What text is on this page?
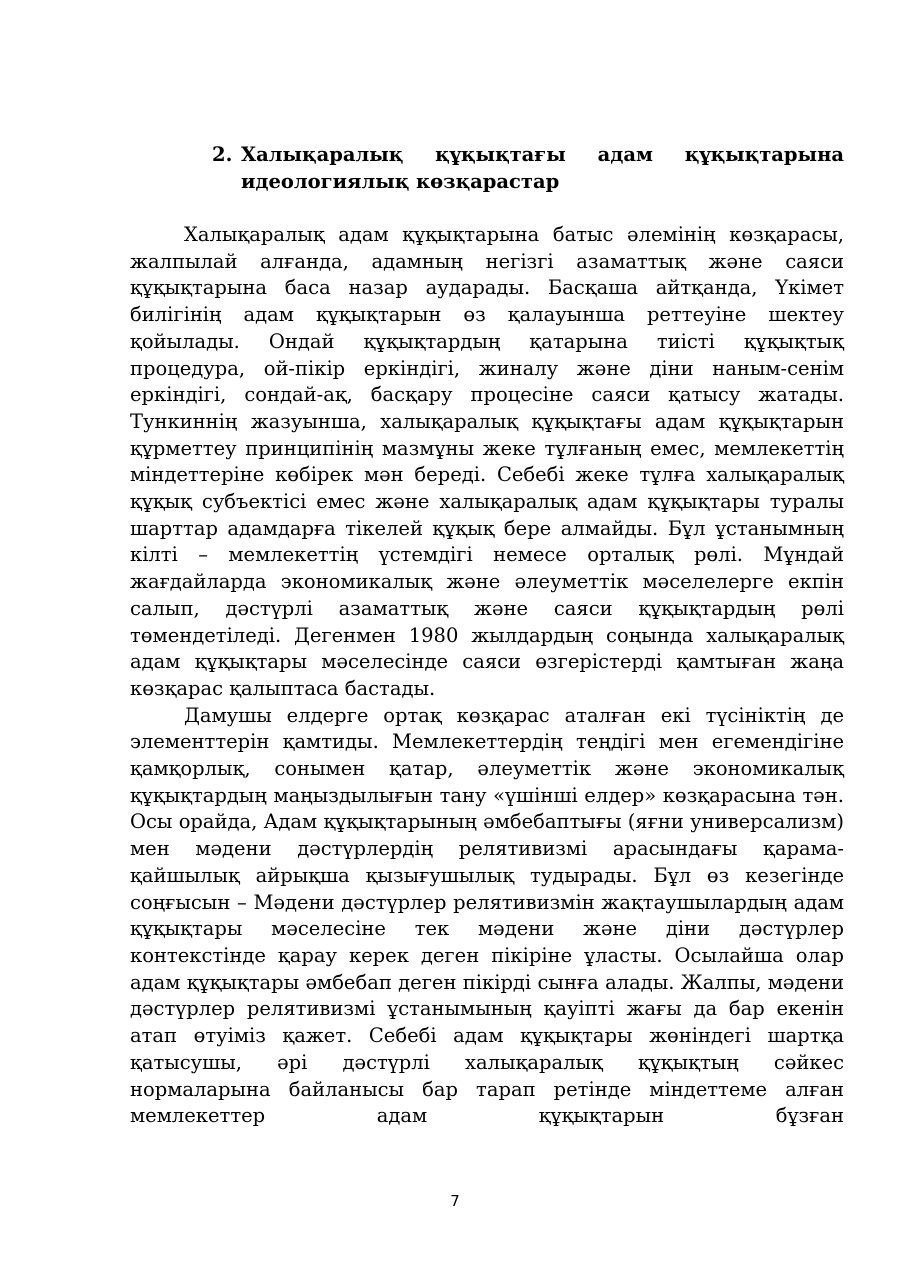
2. Халықаралық құқықтағы адам құқықтарына идеологиялық көзқарастар

Халықаралық адам құқықтарына батыс әлемінің көзқарасы, жалпылай алғанда, адамның негізгі азаматтық және саяси құқықтарына баса назар аударады. Басқаша айтқанда, Үкімет билігінің адам құқықтарын өз қалауынша реттеуіне шектеу қойылады. Ондай құқықтардың қатарына тиісті құқықтық процедура, ой-пікір еркіндігі, жиналу және діни наным-сенім еркіндігі, сондай-ақ, басқару процесіне саяси қатысу жатады. Тункиннің жазуынша, халықаралық құқықтағы адам құқықтарын құрметтеу принципінің мазмұны жеке тұлғаның емес, мемлекеттің міндеттеріне көбірек мән береді. Себебі жеке тұлға халықаралық құқық субъектісі емес және халықаралық адам құқықтары туралы шарттар адамдарға тікелей құқық бере алмайды. Бұл ұстанымның кілті – мемлекеттің үстемдігі немесе орталық рөлі. Мұндай жағдайларда экономикалық және әлеуметтік мәселелерге екпін салып, дәстүрлі азаматтық және саяси құқықтардың рөлі төмендетіледі. Дегенмен 1980 жылдардың соңында халықаралық адам құқықтары мәселесінде саяси өзгерістерді қамтыған жаңа көзқарас қалыптаса бастады.

Дамушы елдерге ортақ көзқарас аталған екі түсініктің де элементтерін қамтиды. Мемлекеттердің теңдігі мен егемендігіне қамқорлық, сонымен қатар, әлеуметтік және экономикалық құқықтардың маңыздылығын тану «үшінші елдер» көзқарасына тән. Осы орайда, Адам құқықтарының әмбебаптығы (яғни универсализм) мен мәдени дәстүрлердің релятивизмі арасындағы қарама-қайшылық айрықша қызығушылық тудырады. Бұл өз кезегінде соңғысын – Мәдени дәстүрлер релятивизмін жақтаушылардың адам құқықтары мәселесіне тек мәдени және діни дәстүрлер контекстінде қарау керек деген пікіріне ұласты. Осылайша олар адам құқықтары әмбебап деген пікірді сынға алады. Жалпы, мәдени дәстүрлер релятивизмі ұстанымының қауіпті жағы да бар екенін атап өтуіміз қажет. Себебі адам құқықтары жөніндегі шартқа қатысушы, әрі дәстүрлі халықаралық құқықтың сәйкес нормаларына байланысы бар тарап ретінде міндеттеме алған мемлекеттер адам құқықтарын бұзған

7
